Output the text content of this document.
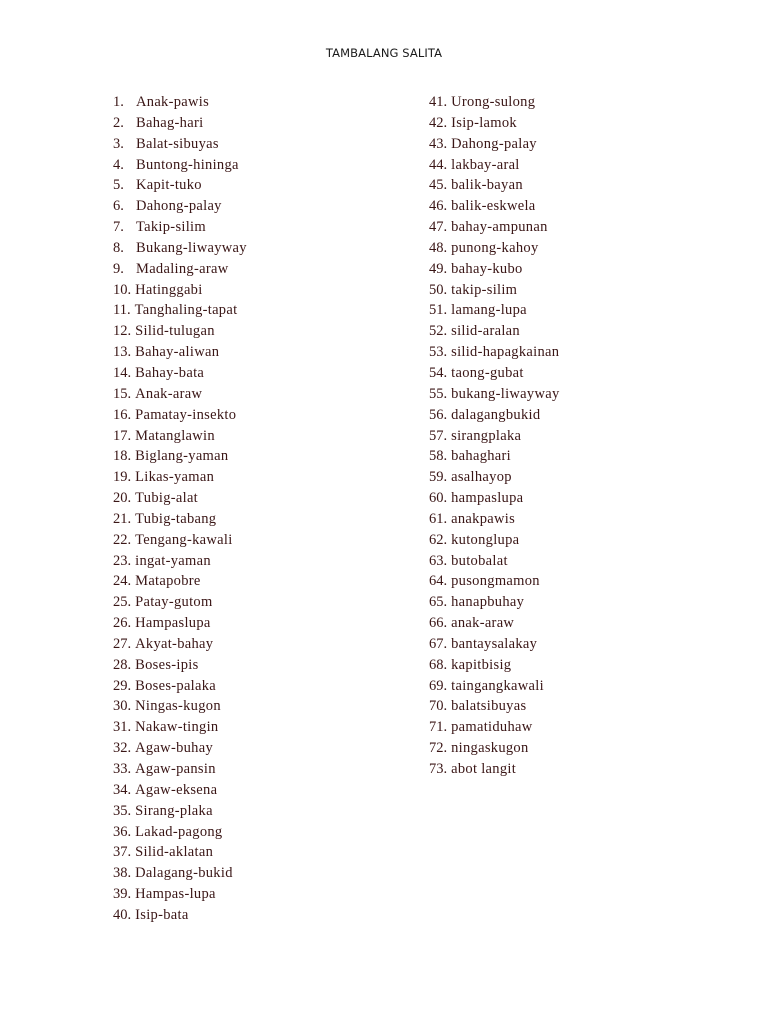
TAMBALANG SALITA
1. Anak-pawis
2. Bahag-hari
3. Balat-sibuyas
4. Buntong-hininga
5. Kapit-tuko
6. Dahong-palay
7. Takip-silim
8. Bukang-liwayway
9. Madaling-araw
10. Hatinggabi
11. Tanghaling-tapat
12. Silid-tulugan
13. Bahay-aliwan
14. Bahay-bata
15. Anak-araw
16. Pamatay-insekto
17. Matanglawin
18. Biglang-yaman
19. Likas-yaman
20. Tubig-alat
21. Tubig-tabang
22. Tengang-kawali
23. ingat-yaman
24. Matapobre
25. Patay-gutom
26. Hampaslupa
27. Akyat-bahay
28. Boses-ipis
29. Boses-palaka
30. Ningas-kugon
31. Nakaw-tingin
32. Agaw-buhay
33. Agaw-pansin
34. Agaw-eksena
35. Sirang-plaka
36. Lakad-pagong
37. Silid-aklatan
38. Dalagang-bukid
39. Hampas-lupa
40. Isip-bata
41. Urong-sulong
42. Isip-lamok
43. Dahong-palay
44. lakbay-aral
45. balik-bayan
46. balik-eskwela
47. bahay-ampunan
48. punong-kahoy
49. bahay-kubo
50. takip-silim
51. lamang-lupa
52. silid-aralan
53. silid-hapagkainan
54. taong-gubat
55. bukang-liwayway
56. dalagangbukid
57. sirangplaka
58. bahaghari
59. asalhayop
60. hampaslupa
61. anakpawis
62. kutonglupa
63. butobalat
64. pusongmamon
65. hanapbuhay
66. anak-araw
67. bantaysalakay
68. kapitbisig
69. taingangkawali
70. balatsibuyas
71. pamatiduhaw
72. ningaskugon
73. abot langit
